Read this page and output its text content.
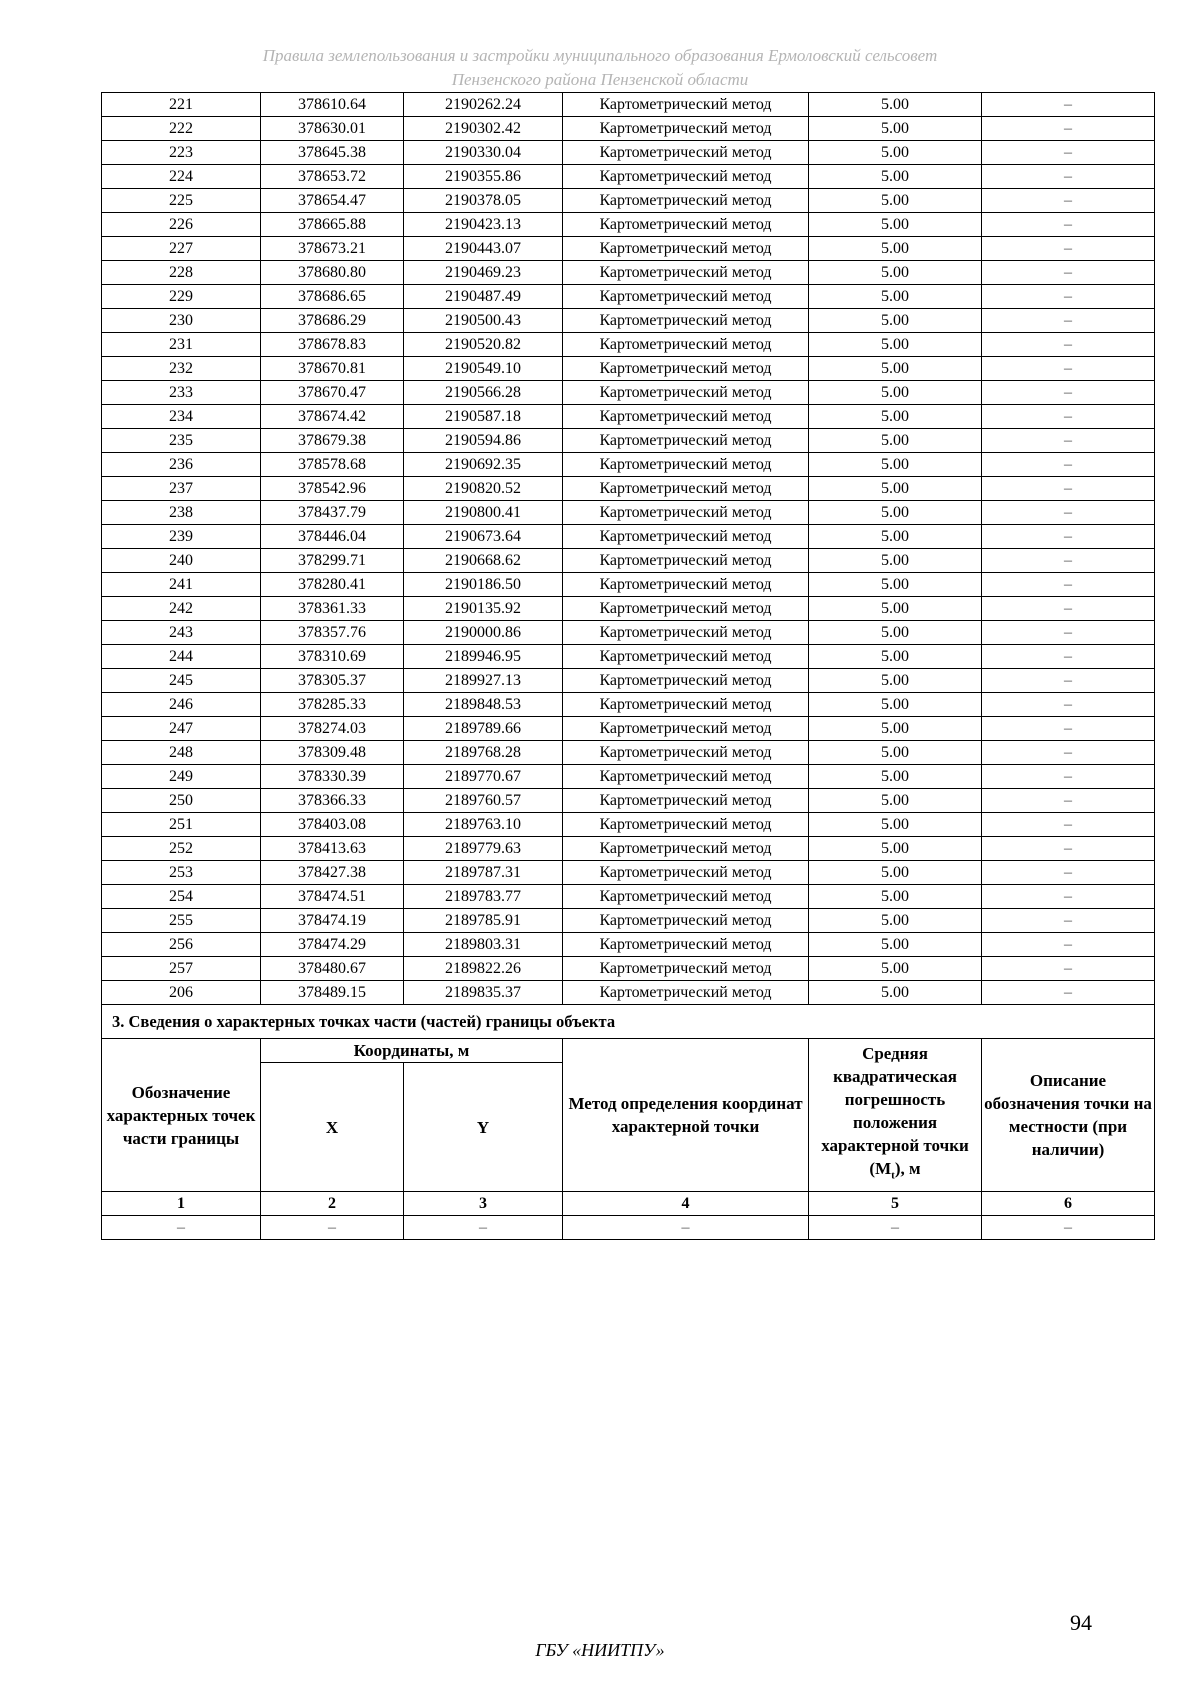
Правила землепользования и застройки муниципального образования Ермоловский сельсовет
Пензенского района Пензенской области
221	378610.64	2190262.24	Картометрический метод	5.00	–
222	378630.01	2190302.42	Картометрический метод	5.00	–
223	378645.38	2190330.04	Картометрический метод	5.00	–
224	378653.72	2190355.86	Картометрический метод	5.00	–
225	378654.47	2190378.05	Картометрический метод	5.00	–
226	378665.88	2190423.13	Картометрический метод	5.00	–
227	378673.21	2190443.07	Картометрический метод	5.00	–
228	378680.80	2190469.23	Картометрический метод	5.00	–
229	378686.65	2190487.49	Картометрический метод	5.00	–
230	378686.29	2190500.43	Картометрический метод	5.00	–
231	378678.83	2190520.82	Картометрический метод	5.00	–
232	378670.81	2190549.10	Картометрический метод	5.00	–
233	378670.47	2190566.28	Картометрический метод	5.00	–
234	378674.42	2190587.18	Картометрический метод	5.00	–
235	378679.38	2190594.86	Картометрический метод	5.00	–
236	378578.68	2190692.35	Картометрический метод	5.00	–
237	378542.96	2190820.52	Картометрический метод	5.00	–
238	378437.79	2190800.41	Картометрический метод	5.00	–
239	378446.04	2190673.64	Картометрический метод	5.00	–
240	378299.71	2190668.62	Картометрический метод	5.00	–
241	378280.41	2190186.50	Картометрический метод	5.00	–
242	378361.33	2190135.92	Картометрический метод	5.00	–
243	378357.76	2190000.86	Картометрический метод	5.00	–
244	378310.69	2189946.95	Картометрический метод	5.00	–
245	378305.37	2189927.13	Картометрический метод	5.00	–
246	378285.33	2189848.53	Картометрический метод	5.00	–
247	378274.03	2189789.66	Картометрический метод	5.00	–
248	378309.48	2189768.28	Картометрический метод	5.00	–
249	378330.39	2189770.67	Картометрический метод	5.00	–
250	378366.33	2189760.57	Картометрический метод	5.00	–
251	378403.08	2189763.10	Картометрический метод	5.00	–
252	378413.63	2189779.63	Картометрический метод	5.00	–
253	378427.38	2189787.31	Картометрический метод	5.00	–
254	378474.51	2189783.77	Картометрический метод	5.00	–
255	378474.19	2189785.91	Картометрический метод	5.00	–
256	378474.29	2189803.31	Картометрический метод	5.00	–
257	378480.67	2189822.26	Картометрический метод	5.00	–
206	378489.15	2189835.37	Картометрический метод	5.00	–
3. Сведения о характерных точках части (частей) границы объекта					
Обозначение характерных точек части границы	Координаты, м		Метод определения координат характерной точки	Средняя квадратическая погрешность положения характерной точки $(M_t)$, м	Описание обозначения точки на местности (при наличии)
	X	Y			
1	2	3	4	5	6
–	–	–	–	–	–
94
ГБУ «НИИТПУ»
